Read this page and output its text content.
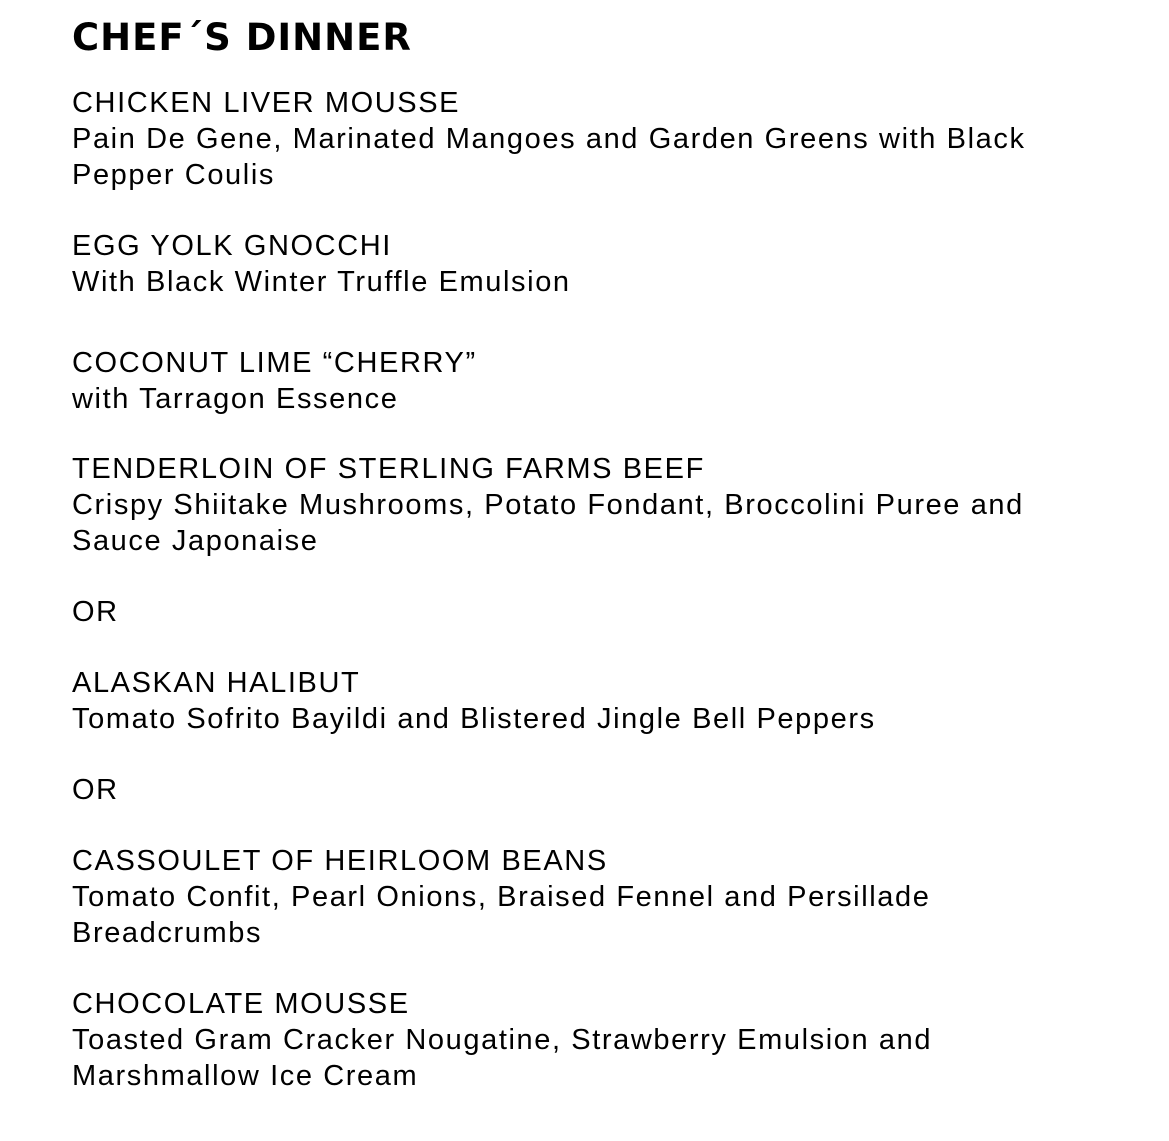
CHEF´S DINNER
CHICKEN LIVER MOUSSE
Pain De Gene, Marinated Mangoes and Garden Greens with Black
Pepper Coulis
EGG YOLK GNOCCHI
With Black Winter Truffle Emulsion
COCONUT LIME “CHERRY”
with Tarragon Essence
TENDERLOIN OF STERLING FARMS BEEF
Crispy Shiitake Mushrooms, Potato Fondant, Broccolini Puree and
Sauce Japonaise
OR
ALASKAN HALIBUT
Tomato Sofrito Bayildi and Blistered Jingle Bell Peppers
OR
CASSOULET OF HEIRLOOM BEANS
Tomato Confit, Pearl Onions, Braised Fennel and Persillade
Breadcrumbs
CHOCOLATE MOUSSE
Toasted Gram Cracker Nougatine, Strawberry Emulsion and
Marshmallow Ice Cream
